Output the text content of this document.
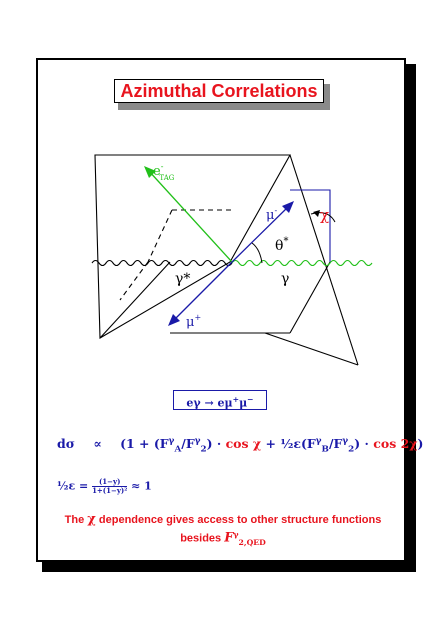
Azimuthal Correlations
e-TAG
μ-
μ+
θ*
χ
γ*	γ
eγ → eμ+μ−
$d\sigma \propto (1 + (F^\gamma_A/F^\gamma_2) \cdot \cos \chi$ + $\frac{1}{2}\varepsilon(F^\gamma_B/F^\gamma_2) \cdot \cos 2\chi$)
½ε = $\frac{(1-y)}{\text{1+(1−y)²}} \approx 1$
The χ dependence gives access to other structure functions
besides $F^\gamma_{2,QED}$
